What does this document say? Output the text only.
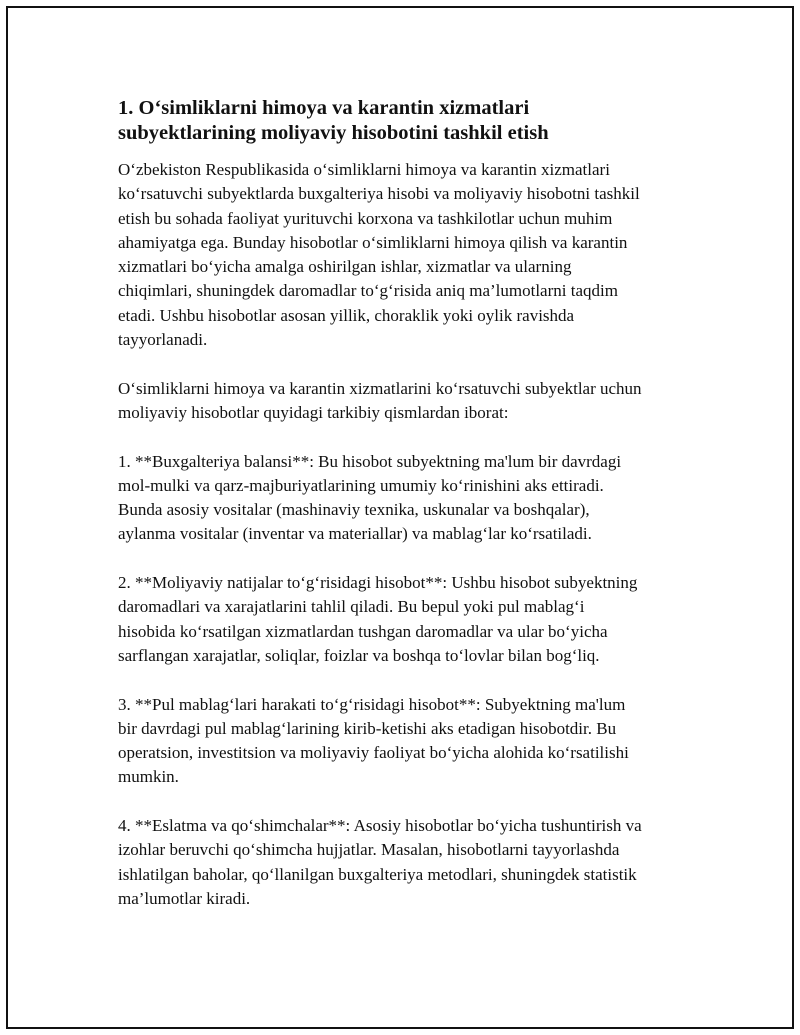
1. O‘simliklarni himoya va karantin xizmatlari
subyektlarining moliyaviy hisobotini tashkil etish

O‘zbekiston Respublikasida o‘simliklarni himoya va karantin xizmatlari
ko‘rsatuvchi subyektlarda buxgalteriya hisobi va moliyaviy hisobotni tashkil
etish bu sohada faoliyat yurituvchi korxona va tashkilotlar uchun muhim
ahamiyatga ega. Bunday hisobotlar o‘simliklarni himoya qilish va karantin
xizmatlari bo‘yicha amalga oshirilgan ishlar, xizmatlar va ularning
chiqimlari, shuningdek daromadlar to‘g‘risida aniq ma’lumotlarni taqdim
etadi. Ushbu hisobotlar asosan yillik, choraklik yoki oylik ravishda
tayyorlanadi.

O‘simliklarni himoya va karantin xizmatlarini ko‘rsatuvchi subyektlar uchun
moliyaviy hisobotlar quyidagi tarkibiy qismlardan iborat:

1. **Buxgalteriya balansi**: Bu hisobot subyektning ma'lum bir davrdagi
mol-mulki va qarz-majburiyatlarining umumiy ko‘rinishini aks ettiradi.
Bunda asosiy vositalar (mashinaviy texnika, uskunalar va boshqalar),
aylanma vositalar (inventar va materiallar) va mablag‘lar ko‘rsatiladi.

2. **Moliyaviy natijalar to‘g‘risidagi hisobot**: Ushbu hisobot subyektning
daromadlari va xarajatlarini tahlil qiladi. Bu bepul yoki pul mablag‘i
hisobida ko‘rsatilgan xizmatlardan tushgan daromadlar va ular bo‘yicha
sarflangan xarajatlar, soliqlar, foizlar va boshqa to‘lovlar bilan bog‘liq.

3. **Pul mablag‘lari harakati to‘g‘risidagi hisobot**: Subyektning ma'lum
bir davrdagi pul mablag‘larining kirib-ketishi aks etadigan hisobotdir. Bu
operatsion, investitsion va moliyaviy faoliyat bo‘yicha alohida ko‘rsatilishi
mumkin.

4. **Eslatma va qo‘shimchalar**: Asosiy hisobotlar bo‘yicha tushuntirish va
izohlar beruvchi qo‘shimcha hujjatlar. Masalan, hisobotlarni tayyorlashda
ishlatilgan baholar, qo‘llanilgan buxgalteriya metodlari, shuningdek statistik
ma’lumotlar kiradi.
